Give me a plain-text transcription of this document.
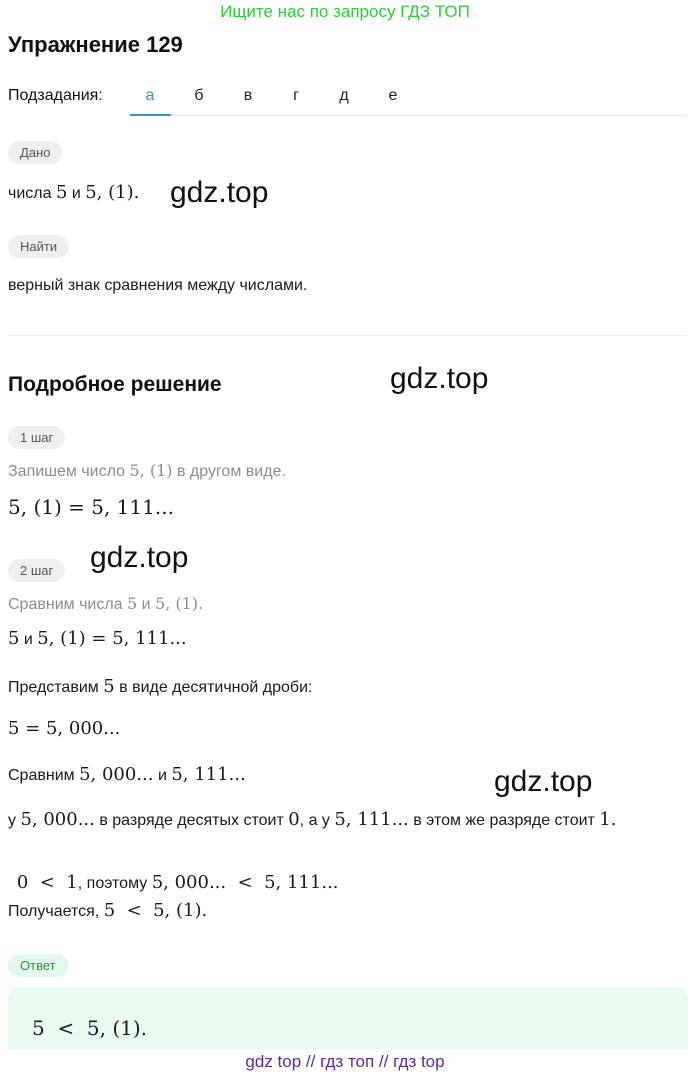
Ищите нас по запросу ГДЗ ТОП
Упражнение 129
Подзадания:	а	б	в	г	д	е
Дано
числа 5 и 5, (1). gdz.top
Найти
верный знак сравнения между числами.
Подробное решение	gdz.top
1 шаг
Запишем число 5, (1) в другом виде.
5, (1) = 5, 111...
gdz.top
2 шаг
Сравним числа 5 и 5, (1).
5 и 5, (1) = 5, 111...
Представим 5 в виде десятичной дроби:
5 = 5, 000...
Сравним 5, 000... и 5, 111...	gdz.top
у 5, 000... в разряде десятых стоит 0, а у 5, 111... в этом же разряде стоит 1.

0  <  1, поэтому 5, 000...  <  5, 111...

Получается, 5  <  5, (1).
Ответ
5  <  5, (1).
gdz top // гдз топ // гдз top
